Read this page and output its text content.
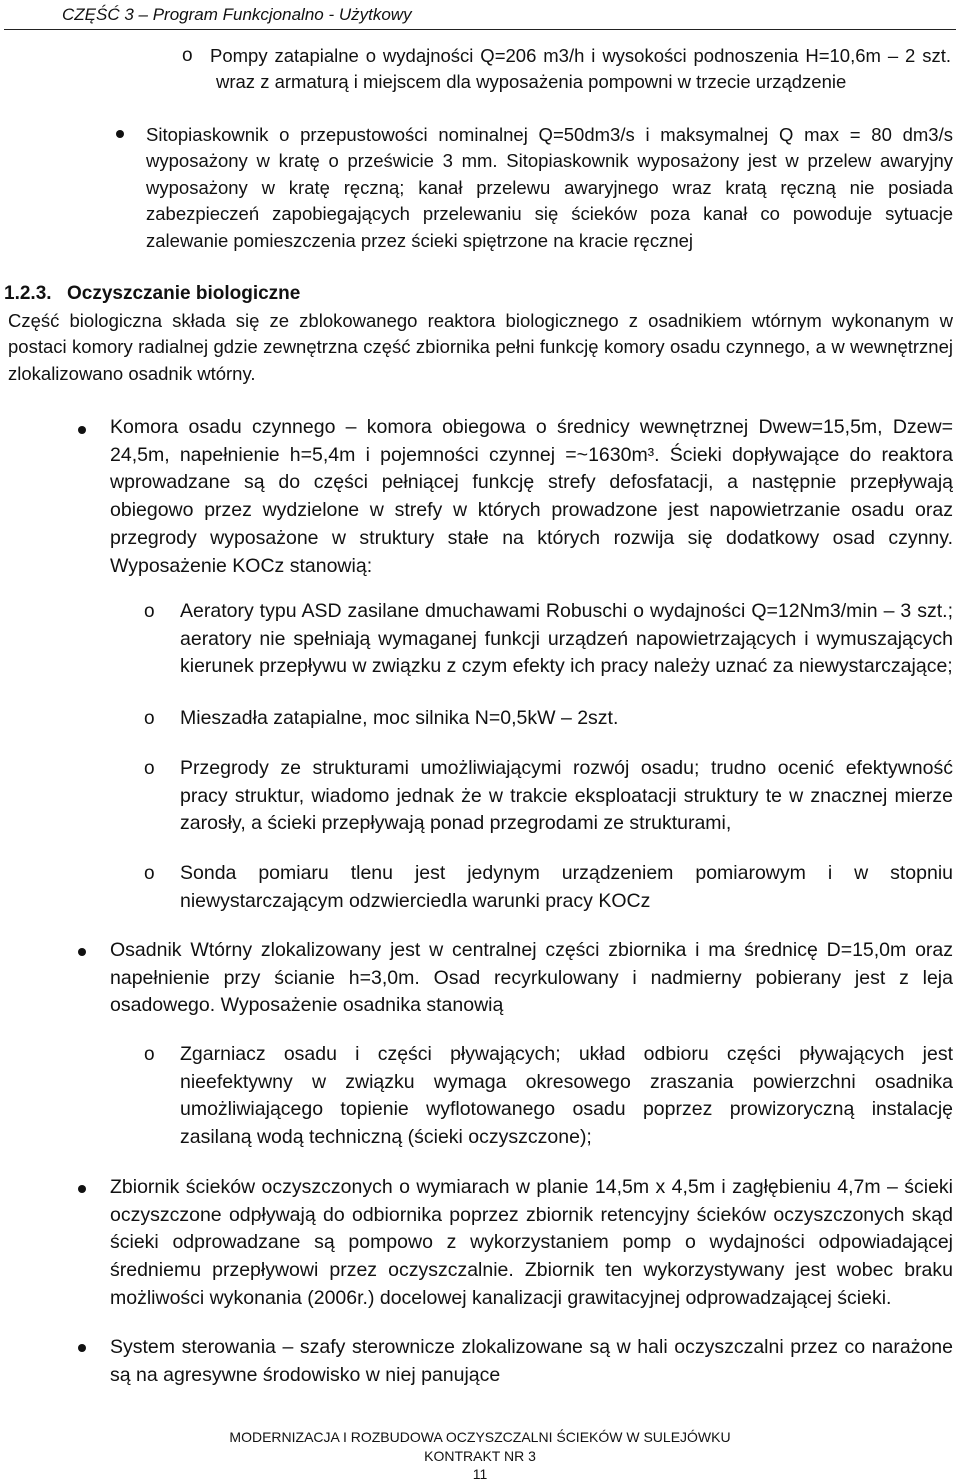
CZĘŚĆ 3 – Program Funkcjonalno - Użytkowy
o Pompy zatapialne o wydajności Q=206 m3/h i wysokości podnoszenia H=10,6m – 2 szt. wraz z armaturą i miejscem dla wyposażenia pompowni w trzecie urządzenie

Sitopiaskownik o przepustowości nominalnej Q=50dm3/s i maksymalnej Q max = 80 dm3/s wyposażony w kratę o prześwicie 3 mm. Sitopiaskownik wyposażony jest w przelew awaryjny wyposażony w kratę ręczną; kanał przelewu awaryjnego wraz kratą ręczną nie posiada zabezpieczeń zapobiegających przelewaniu się ścieków poza kanał co powoduje sytuacje zalewanie pomieszczenia przez ścieki spiętrzone na kracie ręcznej

1.2.3. Oczyszczanie biologiczne

Część biologiczna składa się ze zblokowanego reaktora biologicznego z osadnikiem wtórnym wykonanym w postaci komory radialnej gdzie zewnętrzna część zbiornika pełni funkcję komory osadu czynnego, a w wewnętrznej zlokalizowano osadnik wtórny.

Komora osadu czynnego – komora obiegowa o średnicy wewnętrznej Dwew=15,5m, Dzew= 24,5m, napełnienie h=5,4m i pojemności czynnej =~1630m³. Ścieki dopływające do reaktora wprowadzane są do części pełniącej funkcję strefy defosfatacji, a następnie przepływają obiegowo przez wydzielone w strefy w których prowadzone jest napowietrzanie osadu oraz przegrody wyposażone w struktury stałe na których rozwija się dodatkowy osad czynny. Wyposażenie KOCz stanowią:

o Aeratory typu ASD zasilane dmuchawami Robuschi o wydajności Q=12Nm3/min – 3 szt.; aeratory nie spełniają wymaganej funkcji urządzeń napowietrzających i wymuszających kierunek przepływu w związku z czym efekty ich pracy należy uznać za niewystarczające;

o Mieszadła zatapialne, moc silnika N=0,5kW – 2szt.

o Przegrody ze strukturami umożliwiającymi rozwój osadu; trudno ocenić efektywność pracy struktur, wiadomo jednak że w trakcie eksploatacji struktury te w znacznej mierze zarosły, a ścieki przepływają ponad przegrodami ze strukturami,

o Sonda pomiaru tlenu jest jedynym urządzeniem pomiarowym i w stopniu niewystarczającym odzwierciedla warunki pracy KOCz

Osadnik Wtórny zlokalizowany jest w centralnej części zbiornika i ma średnicę D=15,0m oraz napełnienie przy ścianie h=3,0m. Osad recyrkulowany i nadmierny pobierany jest z leja osadowego. Wyposażenie osadnika stanowią

o Zgarniacz osadu i części pływających; układ odbioru części pływających jest nieefektywny w związku wymaga okresowego zraszania powierzchni osadnika umożliwiającego topienie wyflotowanego osadu poprzez prowizoryczną instalację zasilaną wodą techniczną (ścieki oczyszczone);

Zbiornik ścieków oczyszczonych o wymiarach w planie 14,5m x 4,5m i zagłębieniu 4,7m – ścieki oczyszczone odpływają do odbiornika poprzez zbiornik retencyjny ścieków oczyszczonych skąd ścieki odprowadzane są pompowo z wykorzystaniem pomp o wydajności odpowiadającej średniemu przepływowi przez oczyszczalnie. Zbiornik ten wykorzystywany jest wobec braku możliwości wykonania (2006r.) docelowej kanalizacji grawitacyjnej odprowadzającej ścieki.

System sterowania – szafy sterownicze zlokalizowane są w hali oczyszczalni przez co narażone są na agresywne środowisko w niej panujące

MODERNIZACJA I ROZBUDOWA OCZYSZCZALNI ŚCIEKÓW W SULEJÓWKU
KONTRAKT NR 3
11
